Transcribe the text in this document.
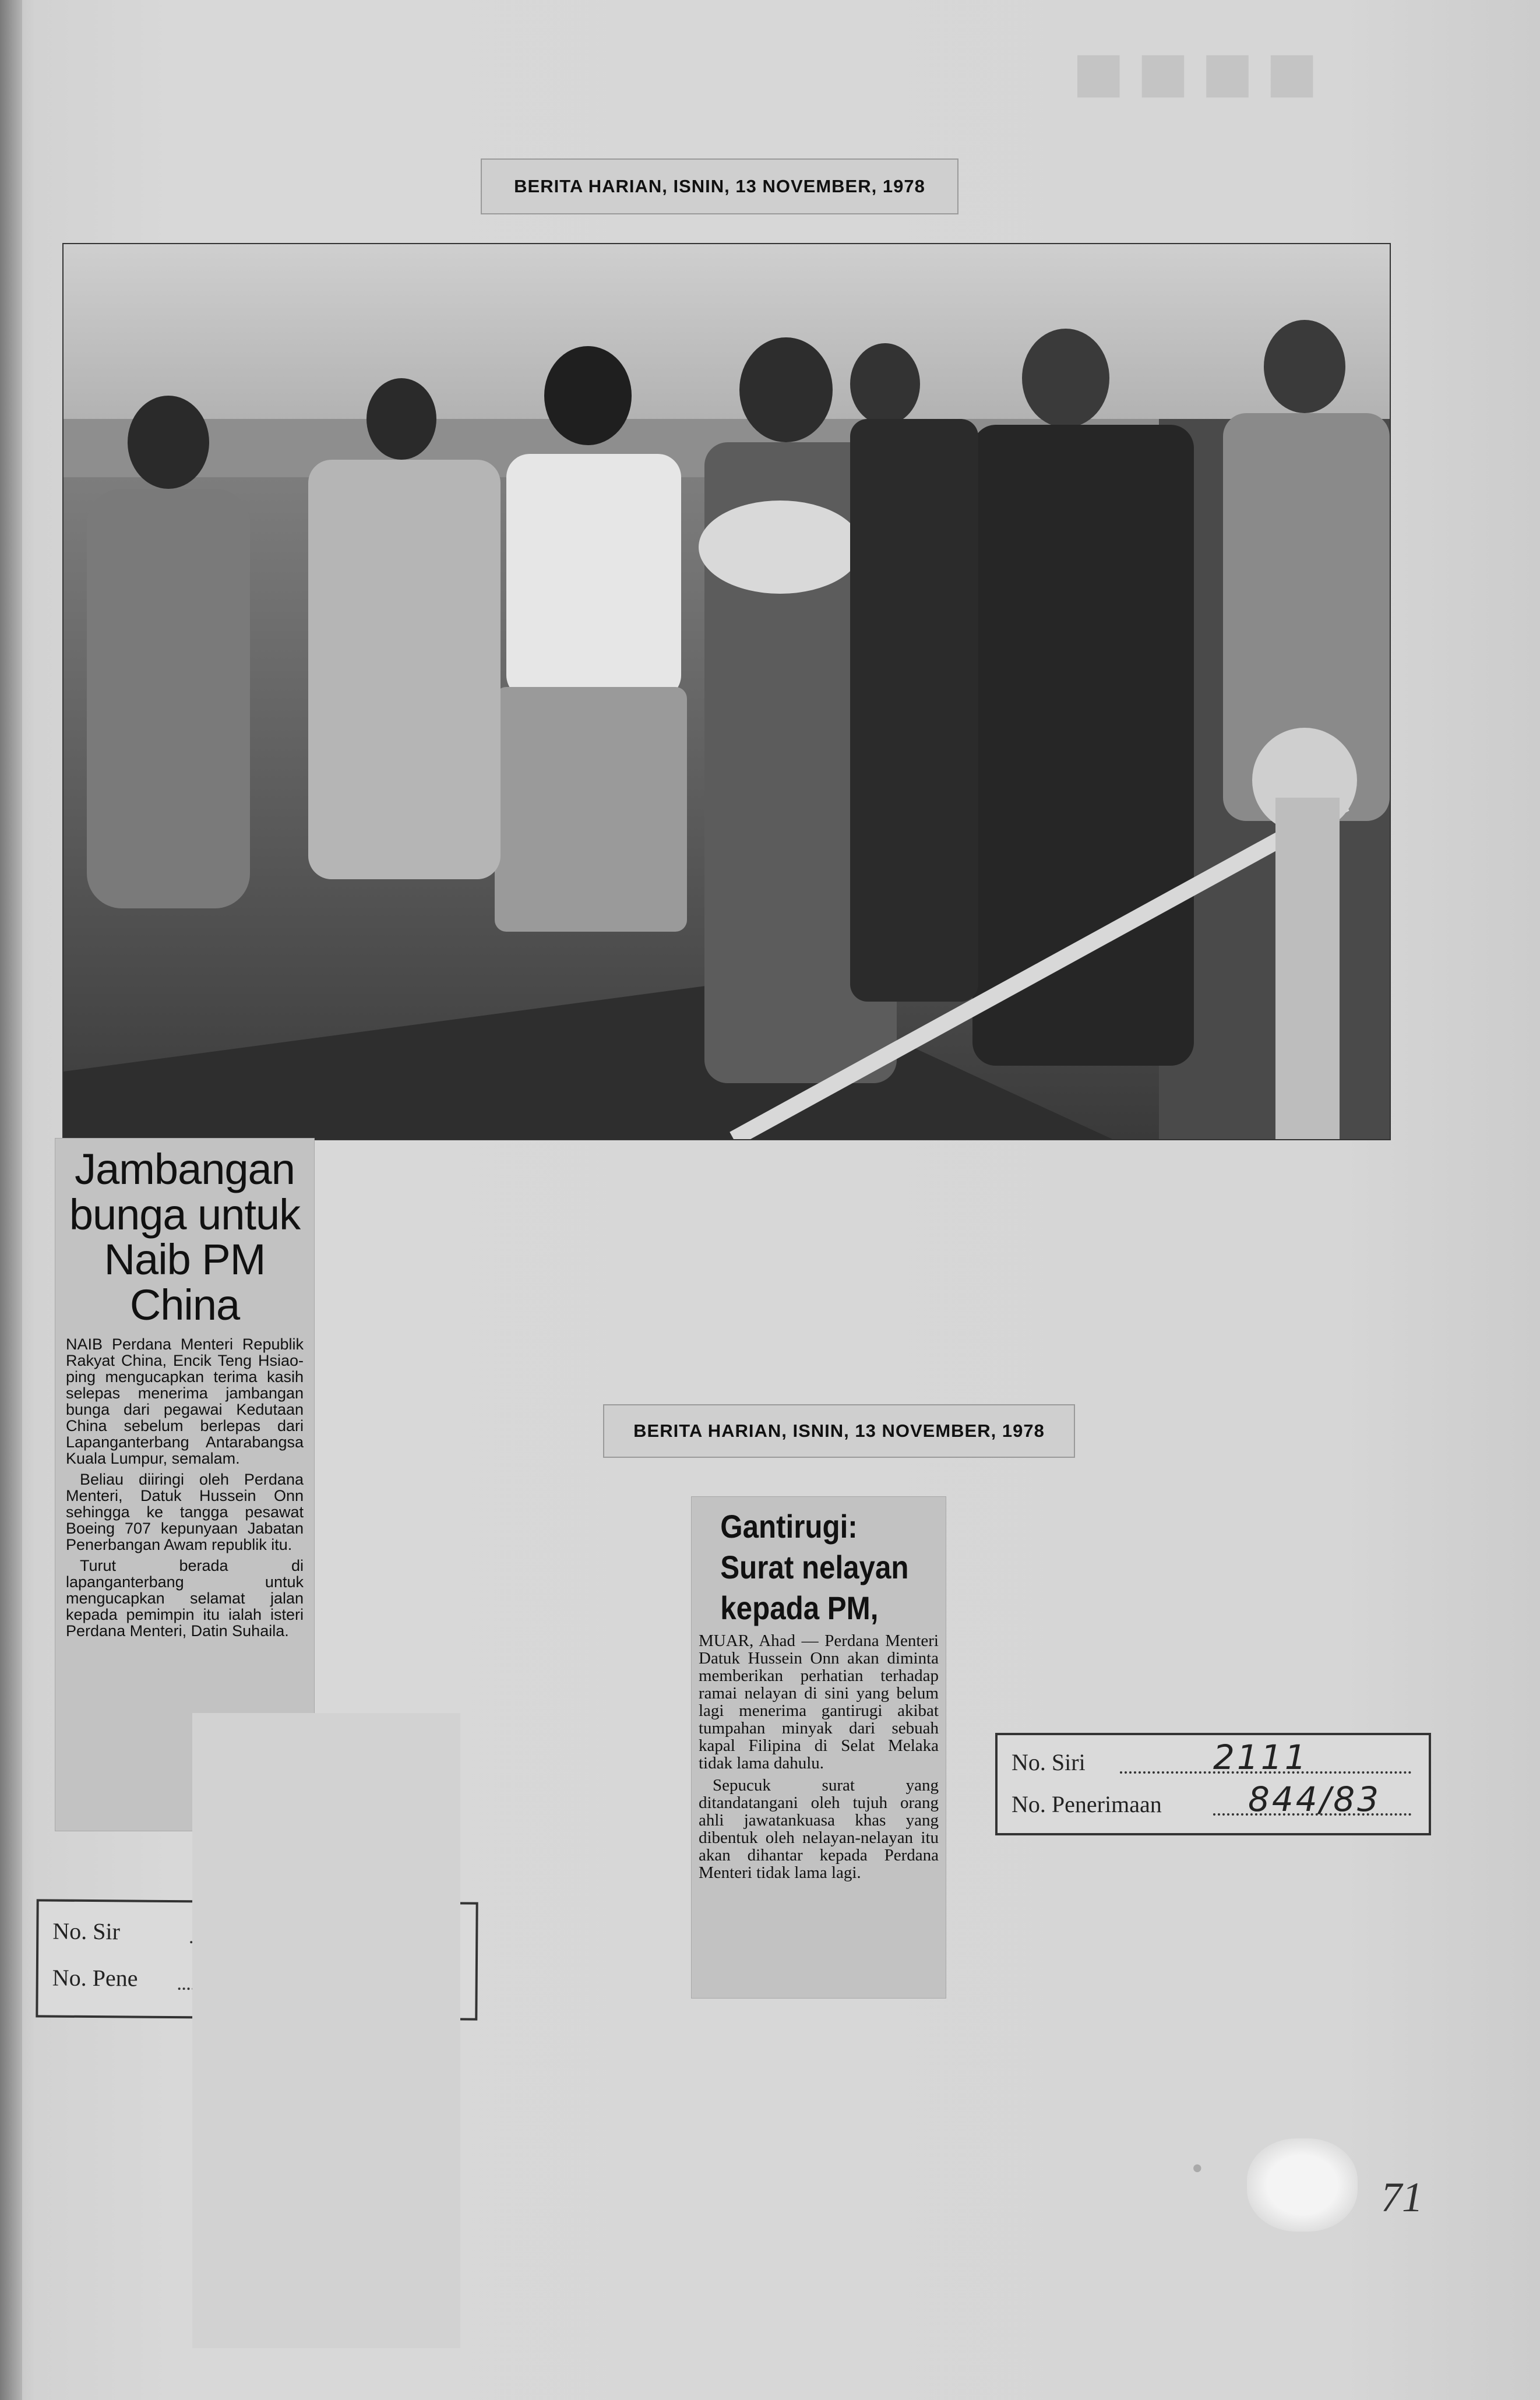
■■■■
BERITA HARIAN, ISNIN, 13 NOVEMBER, 1978
Jambangan
bunga untuk
Naib PM
China

NAIB Perdana Menteri Republik Rakyat China, Encik Teng Hsiao-ping mengucapkan terima kasih selepas menerima jambangan bunga dari pegawai Kedutaan China sebelum berlepas dari Lapanganterbang Antarabangsa Kuala Lumpur, semalam.

Beliau diiringi oleh Perdana Menteri, Datuk Hussein Onn sehingga ke tangga pesawat Boeing 707 kepunyaan Jabatan Penerbangan Awam republik itu.

Turut berada di lapanganterbang untuk mengucapkan selamat jalan kepada pemimpin itu ialah isteri Perdana Menteri, Datin Suhaila.

No. Sir
No. Pene
BERITA HARIAN, ISNIN, 13 NOVEMBER, 1978
Gantirugi:
Surat nelayan
kepada PM,

MUAR, Ahad — Perdana Menteri Datuk Hussein Onn akan diminta memberikan perhatian terhadap ramai nelayan di sini yang belum lagi menerima gantirugi akibat tumpahan minyak dari sebuah kapal Filipina di Selat Melaka tidak lama dahulu.

Sepucuk surat yang ditandatangani oleh tujuh orang ahli jawatankuasa khas yang dibentuk oleh nelayan-nelayan itu akan dihantar kepada Perdana Menteri tidak lama lagi.

No. Siri	2111
No. Penerimaan	844/83
•
71
